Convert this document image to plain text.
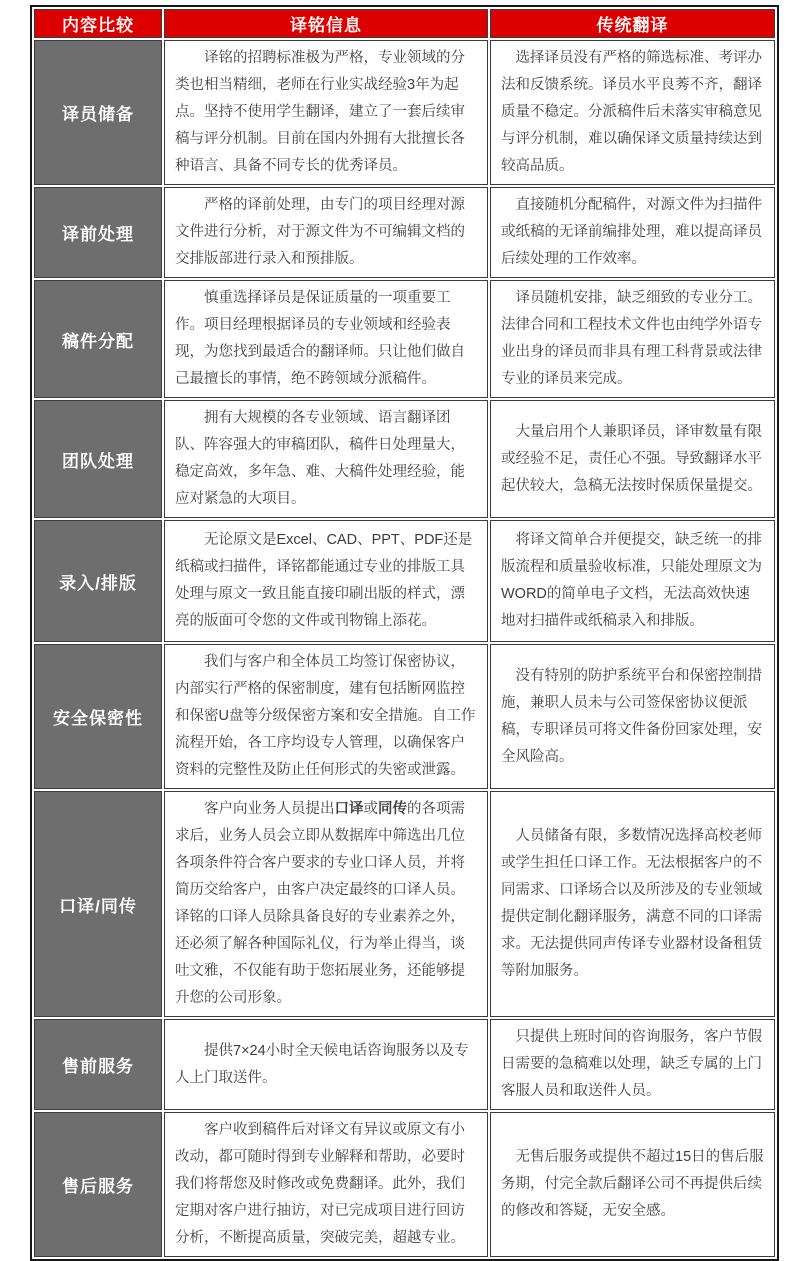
内容比较	译铭信息	传统翻译
译员储备	译铭的招聘标准极为严格，专业领域的分类也相当精细，老师在行业实战经验3年为起点。坚持不使用学生翻译，建立了一套后续审稿与评分机制。目前在国内外拥有大批擅长各种语言、具备不同专长的优秀译员。	选择译员没有严格的筛选标准、考评办法和反馈系统。译员水平良莠不齐，翻译质量不稳定。分派稿件后未落实审稿意见与评分机制，难以确保译文质量持续达到较高品质。

译前处理	严格的译前处理，由专门的项目经理对源文件进行分析，对于源文件为不可编辑文档的交排版部进行录入和预排版。	直接随机分配稿件，对源文件为扫描件或纸稿的无译前编排处理，难以提高译员后续处理的工作效率。

稿件分配	慎重选择译员是保证质量的一项重要工作。项目经理根据译员的专业领域和经验表现，为您找到最适合的翻译师。只让他们做自己最擅长的事情，绝不跨领域分派稿件。	译员随机安排，缺乏细致的专业分工。法律合同和工程技术文件也由纯学外语专业出身的译员而非具有理工科背景或法律专业的译员来完成。

团队处理	拥有大规模的各专业领域、语言翻译团队、阵容强大的审稿团队，稿件日处理量大，稳定高效，多年急、难、大稿件处理经验，能应对紧急的大项目。	大量启用个人兼职译员，译审数量有限或经验不足，责任心不强。导致翻译水平起伏较大，急稿无法按时保质保量提交。

录入/排版	无论原文是Excel、CAD、PPT、PDF还是纸稿或扫描件，译铭都能通过专业的排版工具处理与原文一致且能直接印刷出版的样式，漂亮的版面可令您的文件或刊物锦上添花。	将译文简单合并便提交，缺乏统一的排版流程和质量验收标准，只能处理原文为WORD的简单电子文档，无法高效快速地对扫描件或纸稿录入和排版。

安全保密性	我们与客户和全体员工均签订保密协议，内部实行严格的保密制度，建有包括断网监控和保密U盘等分级保密方案和安全措施。自工作流程开始，各工序均设专人管理，以确保客户资料的完整性及防止任何形式的失密或泄露。	没有特别的防护系统平台和保密控制措施，兼职人员未与公司签保密协议便派稿，专职译员可将文件备份回家处理，安全风险高。

口译/同传	客户向业务人员提出口译或同传的各项需求后，业务人员会立即从数据库中筛选出几位各项条件符合客户要求的专业口译人员，并将简历交给客户，由客户决定最终的口译人员。译铭的口译人员除具备良好的专业素养之外，还必须了解各种国际礼仪，行为举止得当，谈吐文雅，不仅能有助于您拓展业务，还能够提升您的公司形象。	人员储备有限，多数情况选择高校老师或学生担任口译工作。无法根据客户的不同需求、口译场合以及所涉及的专业领域提供定制化翻译服务，满意不同的口译需求。无法提供同声传译专业器材设备租赁等附加服务。

售前服务	提供7×24小时全天候电话咨询服务以及专人上门取送件。	只提供上班时间的咨询服务，客户节假日需要的急稿难以处理，缺乏专属的上门客服人员和取送件人员。

售后服务	客户收到稿件后对译文有异议或原文有小改动，都可随时得到专业解释和帮助，必要时我们将帮您及时修改或免费翻译。此外，我们定期对客户进行抽访，对已完成项目进行回访分析，不断提高质量，突破完美，超越专业。	无售后服务或提供不超过15日的售后服务期，付完全款后翻译公司不再提供后续的修改和答疑，无安全感。
